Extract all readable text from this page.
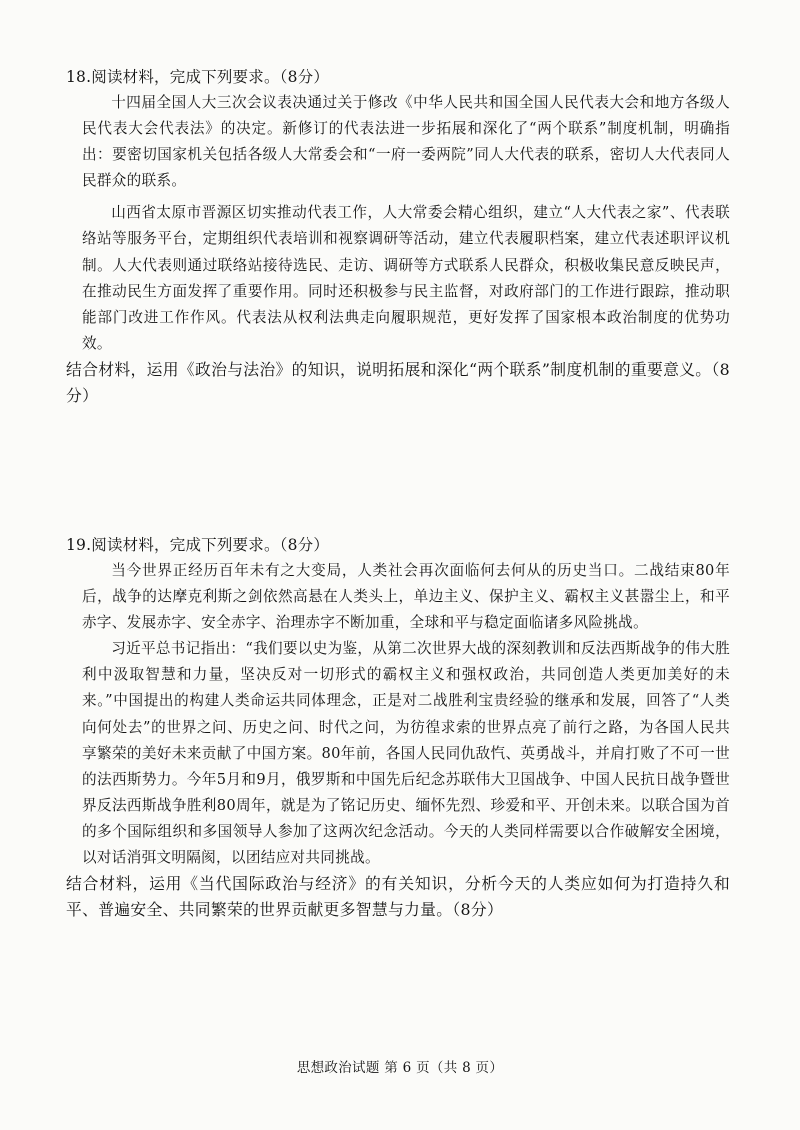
18.阅读材料，完成下列要求。（8分）

十四届全国人大三次会议表决通过关于修改《中华人民共和国全国人民代表大会和地方各级人民代表大会代表法》的决定。新修订的代表法进一步拓展和深化了“两个联系”制度机制，明确指出：要密切国家机关包括各级人大常委会和“一府一委两院”同人大代表的联系，密切人大代表同人民群众的联系。

山西省太原市晋源区切实推动代表工作，人大常委会精心组织，建立“人大代表之家”、代表联络站等服务平台，定期组织代表培训和视察调研等活动，建立代表履职档案，建立代表述职评议机制。人大代表则通过联络站接待选民、走访、调研等方式联系人民群众，积极收集民意反映民声，在推动民生方面发挥了重要作用。同时还积极参与民主监督，对政府部门的工作进行跟踪，推动职能部门改进工作作风。代表法从权利法典走向履职规范，更好发挥了国家根本政治制度的优势功效。

结合材料，运用《政治与法治》的知识，说明拓展和深化“两个联系”制度机制的重要意义。（8分）

19.阅读材料，完成下列要求。（8分）

当今世界正经历百年未有之大变局，人类社会再次面临何去何从的历史当口。二战结束80年后，战争的达摩克利斯之剑依然高悬在人类头上，单边主义、保护主义、霸权主义甚嚣尘上，和平赤字、发展赤字、安全赤字、治理赤字不断加重，全球和平与稳定面临诸多风险挑战。

习近平总书记指出：“我们要以史为鉴，从第二次世界大战的深刻教训和反法西斯战争的伟大胜利中汲取智慧和力量，坚决反对一切形式的霸权主义和强权政治，共同创造人类更加美好的未来。”中国提出的构建人类命运共同体理念，正是对二战胜利宝贵经验的继承和发展，回答了“人类向何处去”的世界之问、历史之问、时代之问，为彷徨求索的世界点亮了前行之路，为各国人民共享繁荣的美好未来贡献了中国方案。80年前，各国人民同仇敌忾、英勇战斗，并肩打败了不可一世的法西斯势力。今年5月和9月，俄罗斯和中国先后纪念苏联伟大卫国战争、中国人民抗日战争暨世界反法西斯战争胜利80周年，就是为了铭记历史、缅怀先烈、珍爱和平、开创未来。以联合国为首的多个国际组织和多国领导人参加了这两次纪念活动。今天的人类同样需要以合作破解安全困境，以对话消弭文明隔阂，以团结应对共同挑战。

结合材料，运用《当代国际政治与经济》的有关知识，分析今天的人类应如何为打造持久和平、普遍安全、共同繁荣的世界贡献更多智慧与力量。（8分）

思想政治试题 第 6 页（共 8 页）
